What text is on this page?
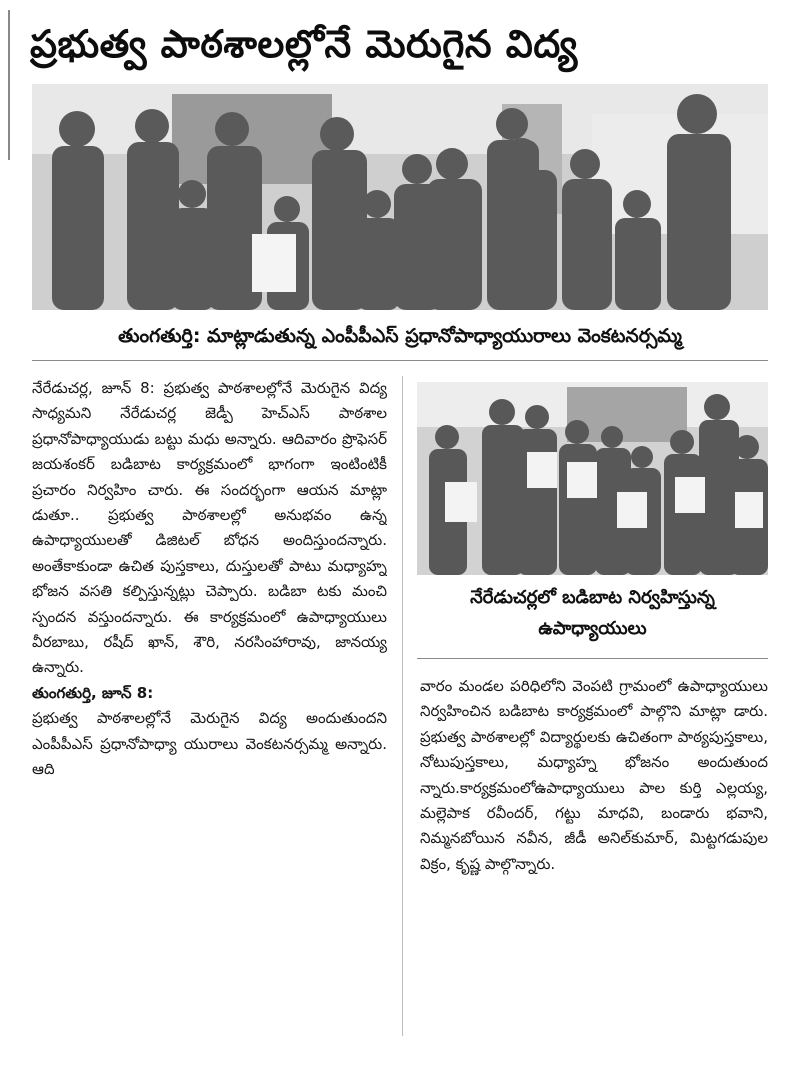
ప్రభుత్వ పాఠశాలల్లోనే మెరుగైన విద్య
తుంగతుర్తి: మాట్లాడుతున్న ఎంపీపీఎస్ ప్రధానోపాధ్యాయురాలు వెంకటనర్సమ్మ

నేరేడుచర్ల, జూన్ 8: ప్రభుత్వ పాఠశాలల్లోనే మెరుగైన విద్య సాధ్యమని నేరేడుచర్ల జెడ్పీ హెచ్‌ఎస్ పాఠశాల ప్రధానోపాధ్యాయుడు బట్టు మధు అన్నారు. ఆదివారం ప్రొఫెసర్ జయశంకర్ బడిబాట కార్యక్రమంలో భాగంగా ఇంటింటికీ ప్రచారం నిర్వహిం చారు. ఈ సందర్భంగా ఆయన మాట్లా డుతూ.. ప్రభుత్వ పాఠశాలల్లో అనుభవం ఉన్న ఉపాధ్యాయులతో డిజిటల్ బోధన అందిస్తుందన్నారు. అంతేకాకుండా ఉచిత పుస్తకాలు, దుస్తులతో పాటు మధ్యాహ్న భోజన వసతి కల్పిస్తున్నట్లు చెప్పారు. బడిబా టకు మంచి స్పందన వస్తుందన్నారు. ఈ కార్యక్రమంలో ఉపాధ్యాయులు వీరబాబు, రషీద్ ఖాన్, శౌరి, నరసింహారావు, జానయ్య ఉన్నారు.

తుంగతుర్తి, జూన్ 8:

ప్రభుత్వ పాఠశాలల్లోనే మెరుగైన విద్య అందుతుందని ఎంపీపీఎస్ ప్రధానోపాధ్యా యురాలు వెంకటనర్సమ్మ అన్నారు. ఆది

నేరేడుచర్లలో బడిబాట నిర్వహిస్తున్న ఉపాధ్యాయులు

వారం మండల పరిధిలోని వెంపటి గ్రామంలో ఉపాధ్యాయులు నిర్వహించిన బడిబాట కార్యక్రమంలో పాల్గొని మాట్లా డారు. ప్రభుత్వ పాఠశాలల్లో విద్యార్థులకు ఉచితంగా పాఠ్యపుస్తకాలు, నోటుపుస్తకాలు, మధ్యాహ్న భోజనం అందుతుంద న్నారు.కార్యక్రమంలోఉపాధ్యాయులు పాల కుర్తి ఎల్లయ్య, మల్లెపాక రవీందర్, గట్టు మాధవి, బండారు భవాని, నిమ్మనబోయిన నవీన, జీడీ అనిల్‌కుమార్, మిట్టగడుపుల విక్రం, కృష్ణ పాల్గొన్నారు.
